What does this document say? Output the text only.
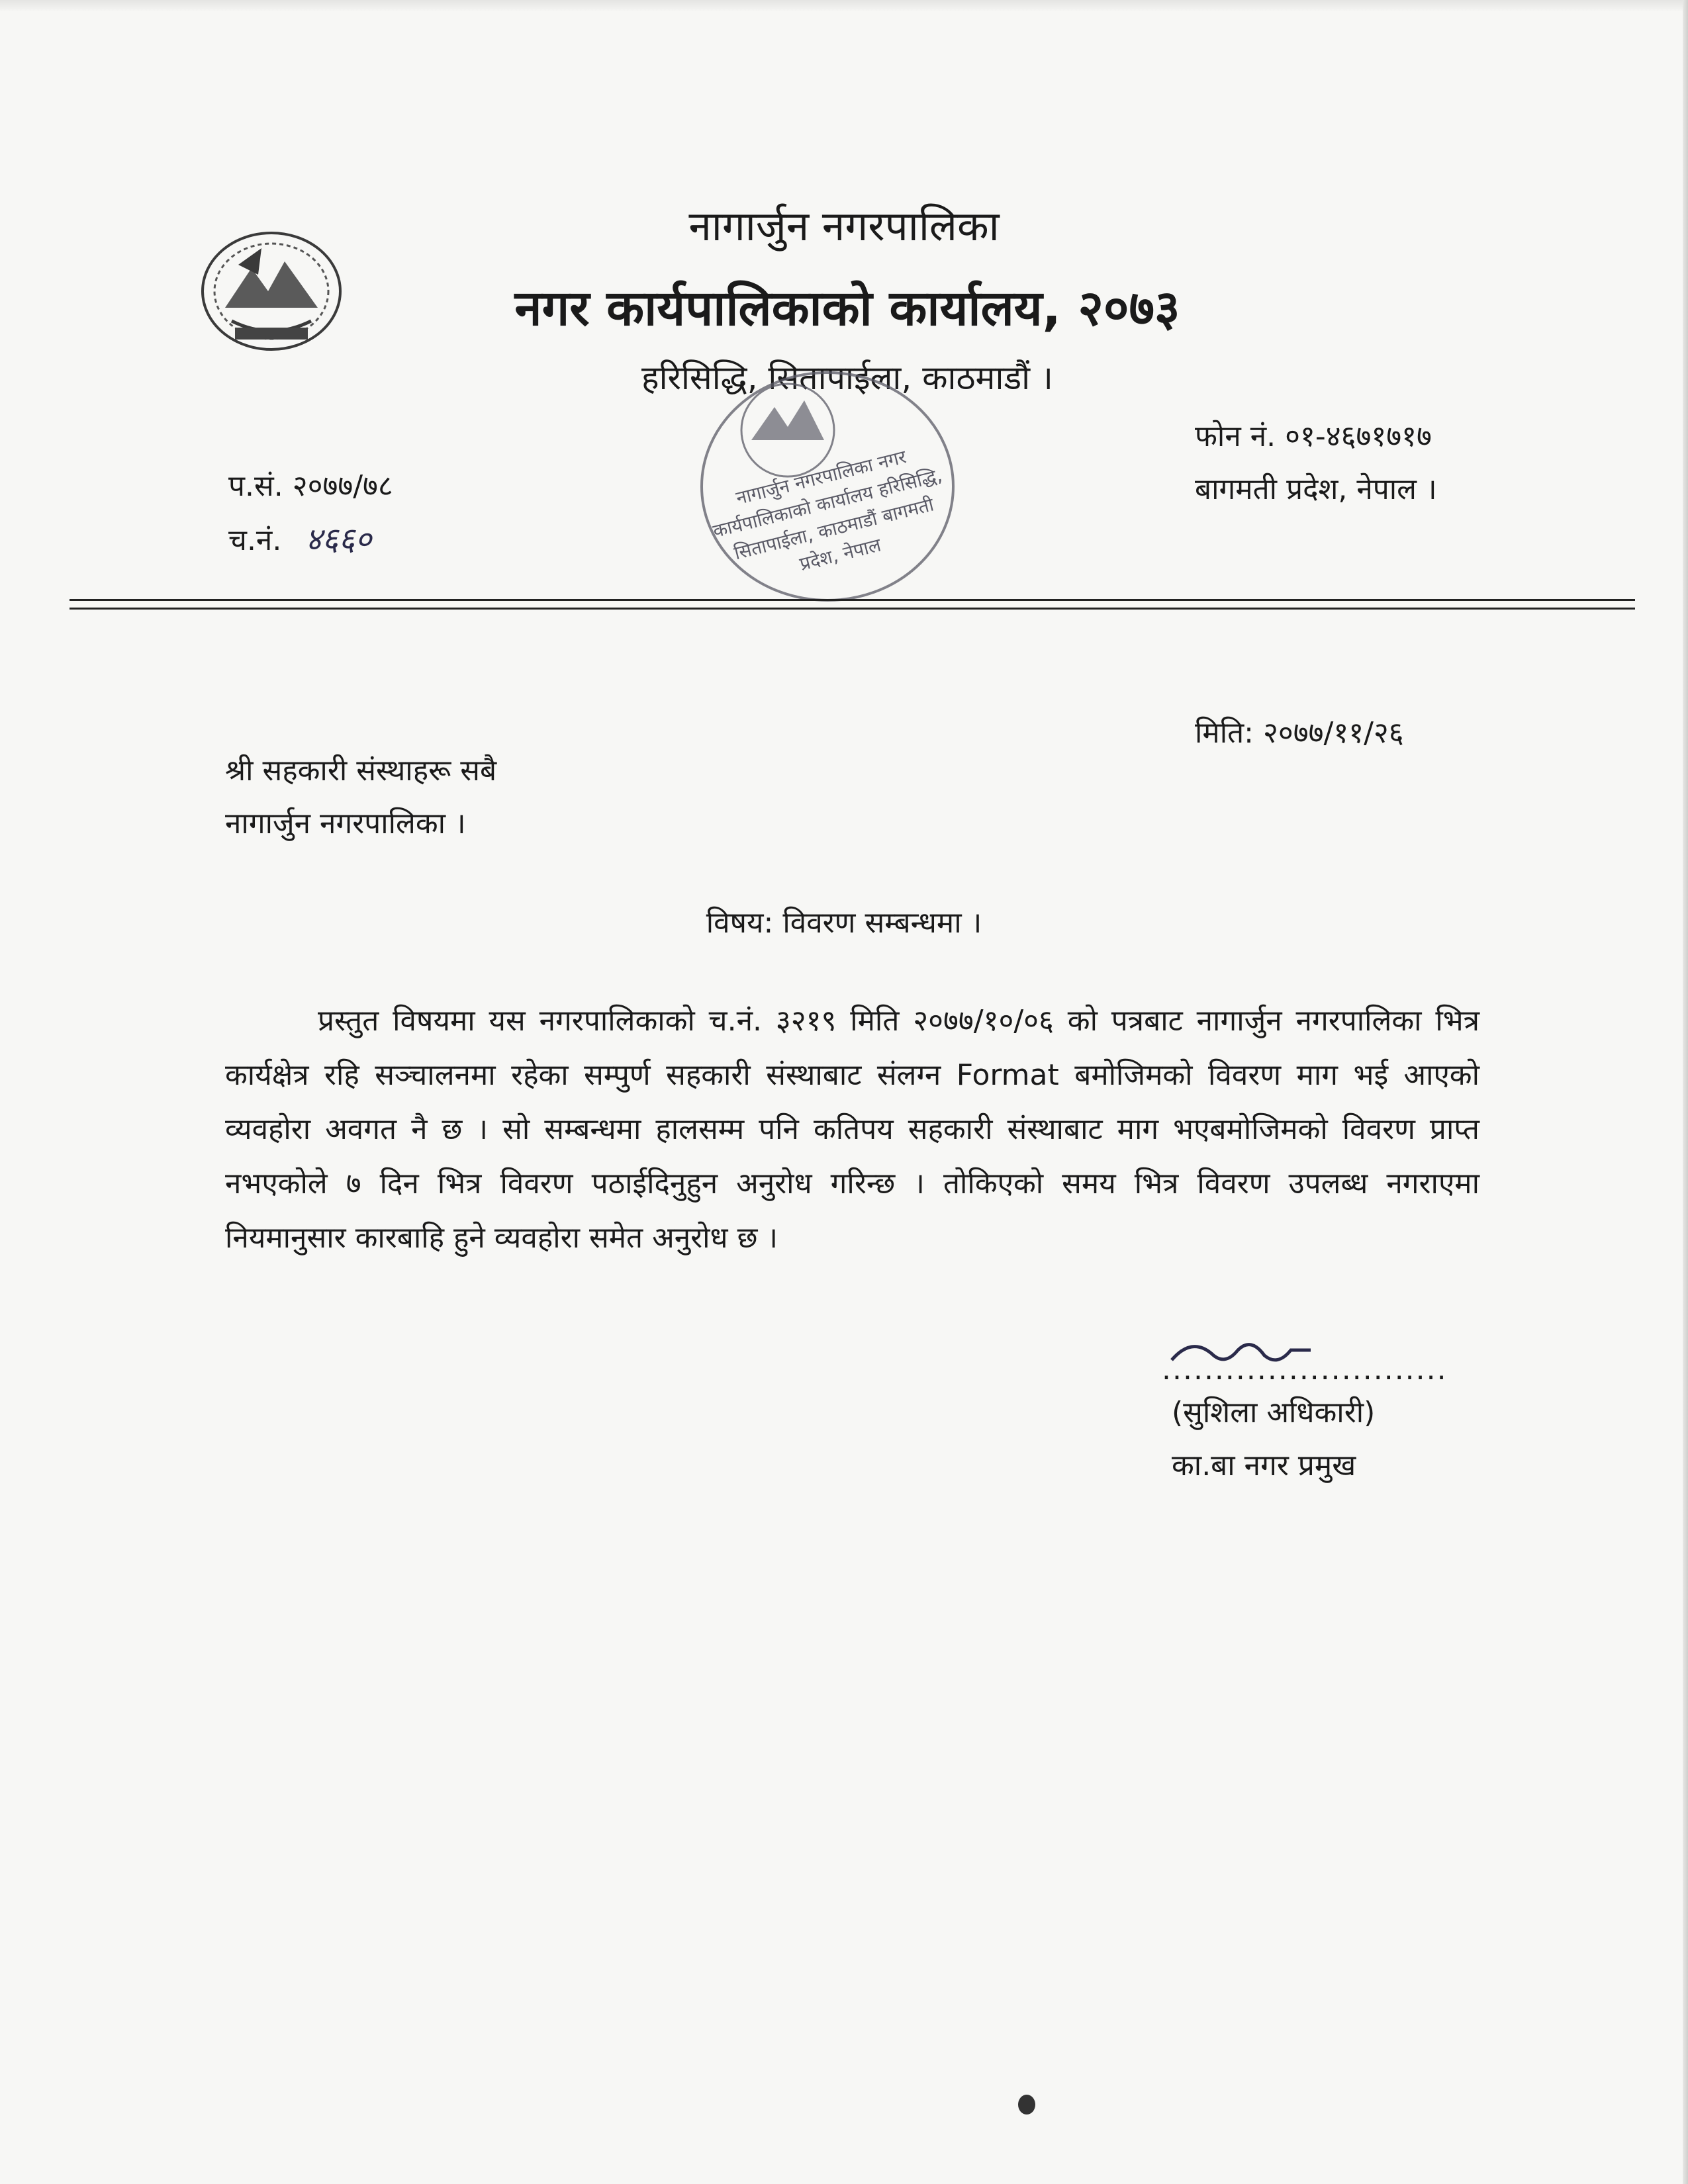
नागार्जुन नगरपालिका
नगर कार्यपालिकाको कार्यालय, २०७३
हरिसिद्धि, सितापाईला, काठमाडौं ।
फोन नं. ०१-४६७१७१७
बागमती प्रदेश, नेपाल ।
प.सं. २०७७/७८
च.नं. ४६६०
नागार्जुन नगरपालिका नगर कार्यपालिकाको कार्यालय हरिसिद्धि, सितापाईला, काठमाडौं बागमती प्रदेश, नेपाल
मिति: २०७७/११/२६
श्री सहकारी संस्थाहरू सबै
नागार्जुन नगरपालिका ।
विषय: विवरण सम्बन्धमा ।
प्रस्तुत विषयमा यस नगरपालिकाको च.नं. ३२१९ मिति २०७७/१०/०६ को पत्रबाट नागार्जुन नगरपालिका भित्र कार्यक्षेत्र रहि सञ्चालनमा रहेका सम्पुर्ण सहकारी संस्थाबाट संलग्न Format बमोजिमको विवरण माग भई आएको व्यवहोरा अवगत नै छ । सो सम्बन्धमा हालसम्म पनि कतिपय सहकारी संस्थाबाट माग भएबमोजिमको विवरण प्राप्त नभएकोले ७ दिन भित्र विवरण पठाईदिनुहुन अनुरोध गरिन्छ । तोकिएको समय भित्र विवरण उपलब्ध नगराएमा नियमानुसार कारबाहि हुने व्यवहोरा समेत अनुरोध छ ।
...........................
(सुशिला अधिकारी)
का.बा नगर प्रमुख
